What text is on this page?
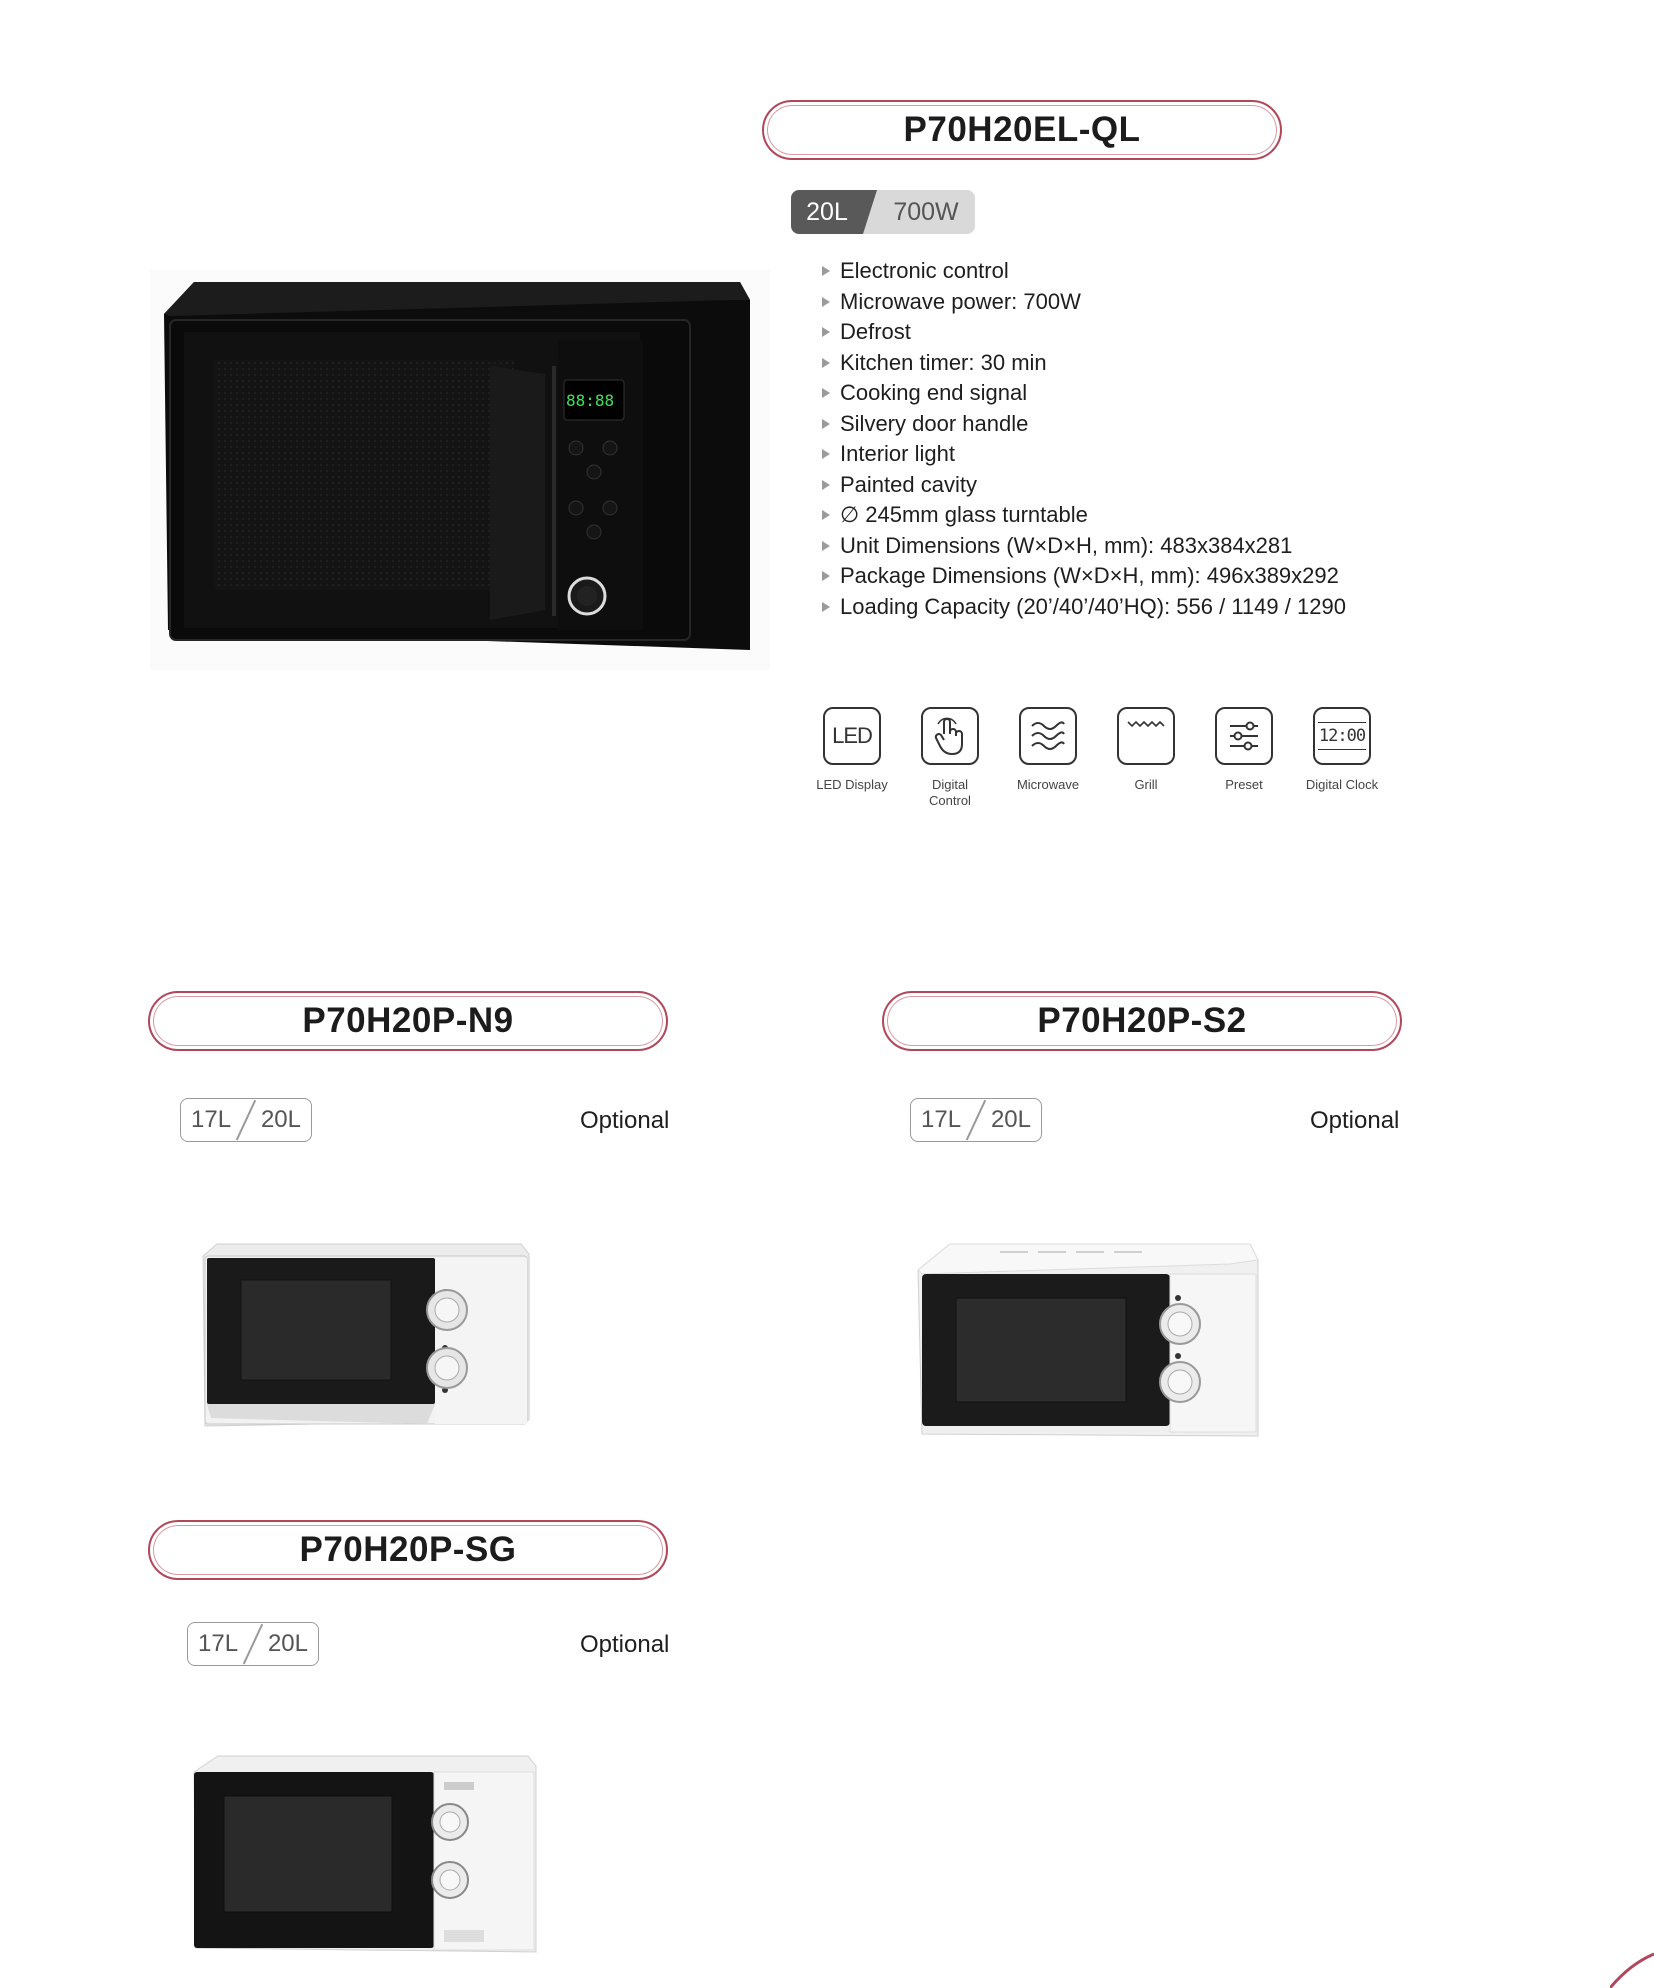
P70H20EL-QL
20L	700W
Electronic control
Microwave power: 700W
Defrost
Kitchen timer: 30 min
Cooking end signal
Silvery door handle
Interior light
Painted cavity
∅ 245mm glass turntable
Unit Dimensions (W×D×H, mm): 483x384x281
Package Dimensions (W×D×H, mm): 496x389x292
Loading Capacity (20’/40’/40’HQ): 556 / 1149 / 1290
88:88
LED
LED Display	Digital Control
Microwave	Grill	Preset
12:00
Digital Clock
P70H20P-N9
17L 20L	Optional
P70H20P-S2
17L 20L	Optional
P70H20P-SG
17L 20L	Optional
